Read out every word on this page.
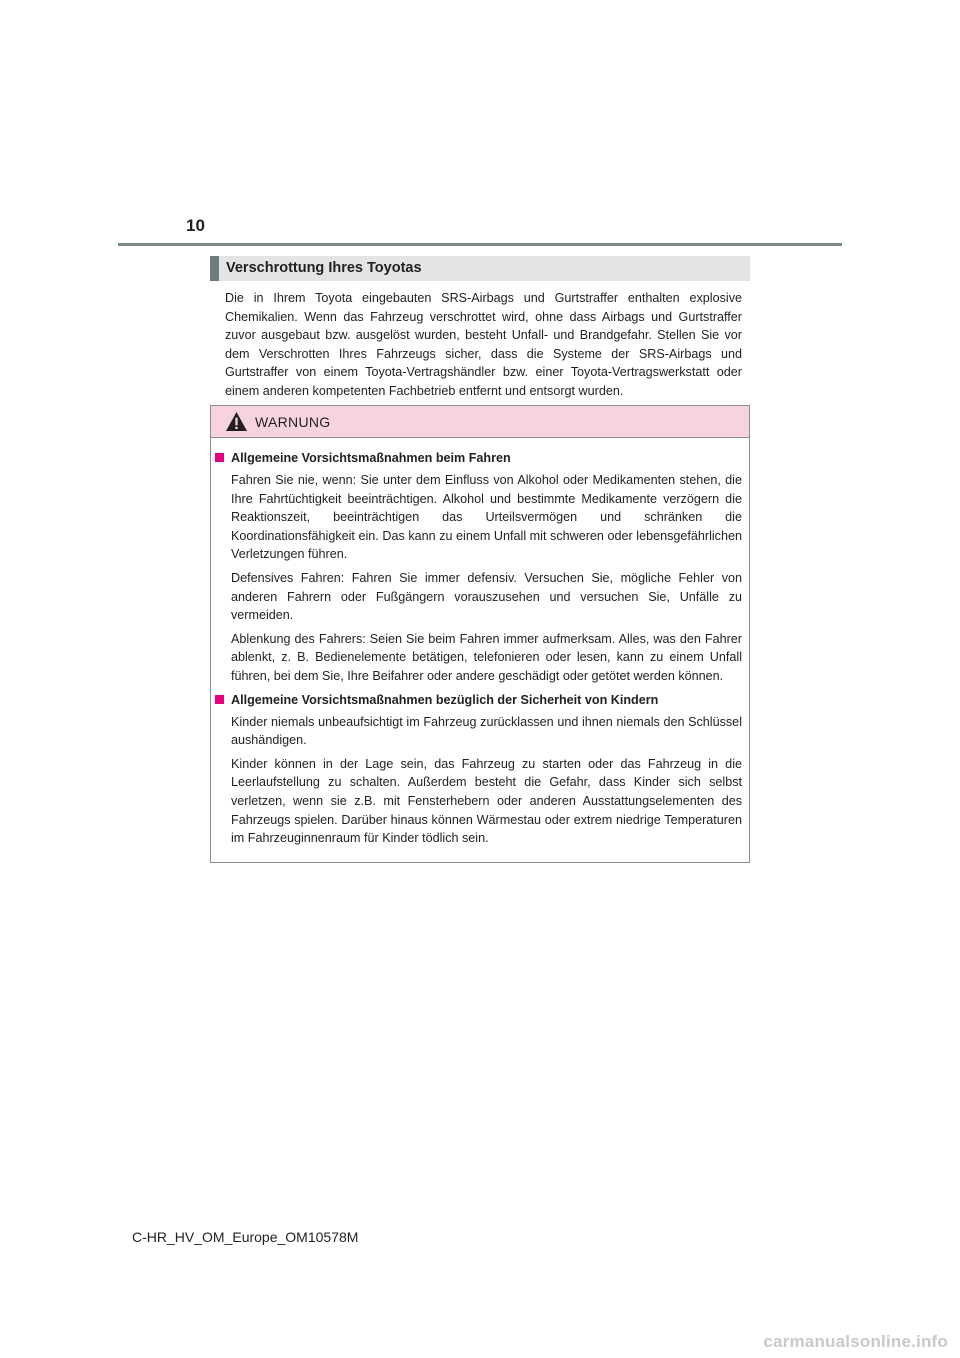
10
Verschrottung Ihres Toyotas

Die in Ihrem Toyota eingebauten SRS-Airbags und Gurtstraffer enthalten explosive Chemikalien. Wenn das Fahrzeug verschrottet wird, ohne dass Airbags und Gurtstraffer zuvor ausgebaut bzw. ausgelöst wurden, besteht Unfall- und Brandgefahr. Stellen Sie vor dem Verschrotten Ihres Fahrzeugs sicher, dass die Systeme der SRS-Airbags und Gurtstraffer von einem Toyota-Vertragshändler bzw. einer Toyota-Vertragswerkstatt oder einem anderen kompetenten Fachbetrieb entfernt und entsorgt wurden.

WARNUNG
Allgemeine Vorsichtsmaßnahmen beim Fahren

Fahren Sie nie, wenn: Sie unter dem Einfluss von Alkohol oder Medikamenten stehen, die Ihre Fahrtüchtigkeit beeinträchtigen. Alkohol und bestimmte Medikamente verzögern die Reaktionszeit, beeinträchtigen das Urteilsvermögen und schränken die Koordinationsfähigkeit ein. Das kann zu einem Unfall mit schweren oder lebensgefährlichen Verletzungen führen.

Defensives Fahren: Fahren Sie immer defensiv. Versuchen Sie, mögliche Fehler von anderen Fahrern oder Fußgängern vorauszusehen und versuchen Sie, Unfälle zu vermeiden.

Ablenkung des Fahrers: Seien Sie beim Fahren immer aufmerksam. Alles, was den Fahrer ablenkt, z. B. Bedienelemente betätigen, telefonieren oder lesen, kann zu einem Unfall führen, bei dem Sie, Ihre Beifahrer oder andere geschädigt oder getötet werden können.

Allgemeine Vorsichtsmaßnahmen bezüglich der Sicherheit von Kindern

Kinder niemals unbeaufsichtigt im Fahrzeug zurücklassen und ihnen niemals den Schlüssel aushändigen.

Kinder können in der Lage sein, das Fahrzeug zu starten oder das Fahrzeug in die Leerlaufstellung zu schalten. Außerdem besteht die Gefahr, dass Kinder sich selbst verletzen, wenn sie z.B. mit Fensterhebern oder anderen Ausstattungselementen des Fahrzeugs spielen. Darüber hinaus können Wärmestau oder extrem niedrige Temperaturen im Fahrzeuginnenraum für Kinder tödlich sein.

C-HR_HV_OM_Europe_OM10578M
carmanualsonline.info
